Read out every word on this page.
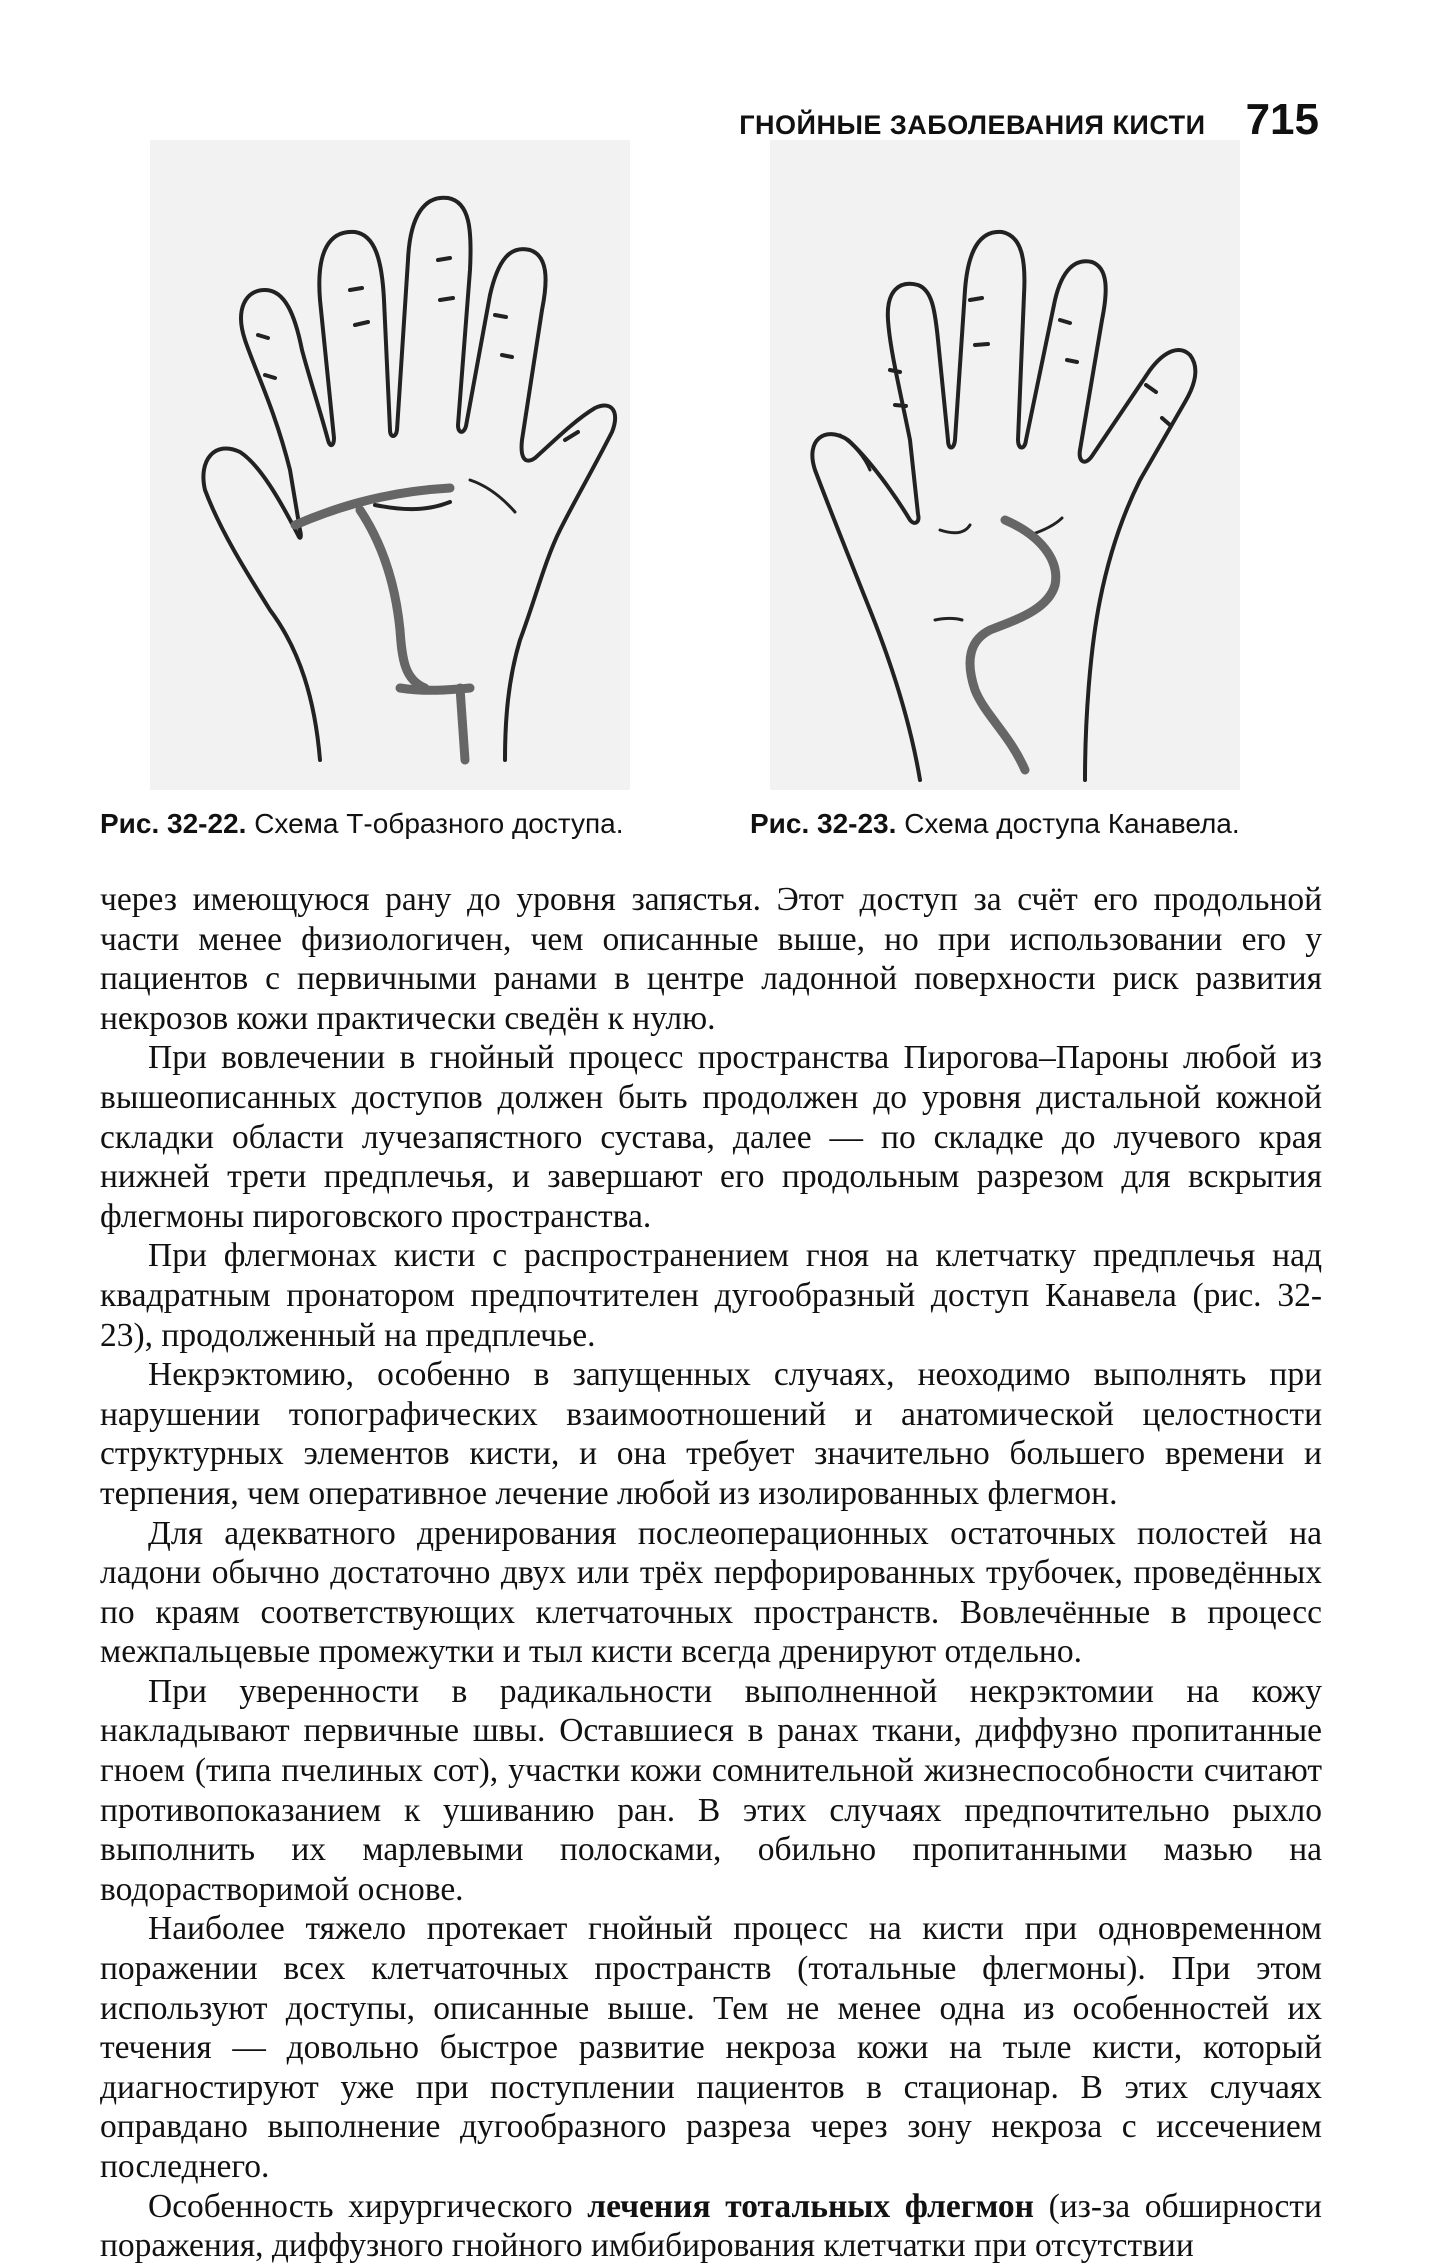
ГНОЙНЫЕ ЗАБОЛЕВАНИЯ КИСТИ 715
Рис. 32-22. Схема Т-образного доступа.	Рис. 32-23. Схема доступа Канавела.

через имеющуюся рану до уровня запястья. Этот доступ за счёт его продольной части менее физиологичен, чем описанные выше, но при использовании его у пациентов с первичными ранами в центре ладонной поверхности риск развития некрозов кожи практически сведён к нулю.

При вовлечении в гнойный процесс пространства Пирогова–Пароны любой из вышеописанных доступов должен быть продолжен до уровня дистальной кожной складки области лучезапястного сустава, далее — по складке до лучевого края нижней трети предплечья, и завершают его продольным разрезом для вскрытия флегмоны пироговского пространства.

При флегмонах кисти с распространением гноя на клетчатку предплечья над квадратным пронатором предпочтителен дугообразный доступ Канавела (рис. 32-23), продолженный на предплечье.

Некрэктомию, особенно в запущенных случаях, неоходимо выполнять при нарушении топографических взаимоотношений и анатомической целостности структурных элементов кисти, и она требует значительно большего времени и терпения, чем оперативное лечение любой из изолированных флегмон.

Для адекватного дренирования послеоперационных остаточных полостей на ладони обычно достаточно двух или трёх перфорированных трубочек, проведённых по краям соответствующих клетчаточных пространств. Вовлечённые в процесс межпальцевые промежутки и тыл кисти всегда дренируют отдельно.

При уверенности в радикальности выполненной некрэктомии на кожу накладывают первичные швы. Оставшиеся в ранах ткани, диффузно пропитанные гноем (типа пчелиных сот), участки кожи сомнительной жизнеспособности считают противопоказанием к ушиванию ран. В этих случаях предпочтительно рыхло выполнить их марлевыми полосками, обильно пропитанными мазью на водорастворимой основе.

Наиболее тяжело протекает гнойный процесс на кисти при одновременном поражении всех клетчаточных пространств (тотальные флегмоны). При этом используют доступы, описанные выше. Тем не менее одна из особенностей их течения — довольно быстрое развитие некроза кожи на тыле кисти, который диагностируют уже при поступлении пациентов в стационар. В этих случаях оправдано выполнение дугообразного разреза через зону некроза с иссечением последнего.

Особенность хирургического лечения тотальных флегмон (из-за обширности поражения, диффузного гнойного имбибирования клетчатки при отсутствии
